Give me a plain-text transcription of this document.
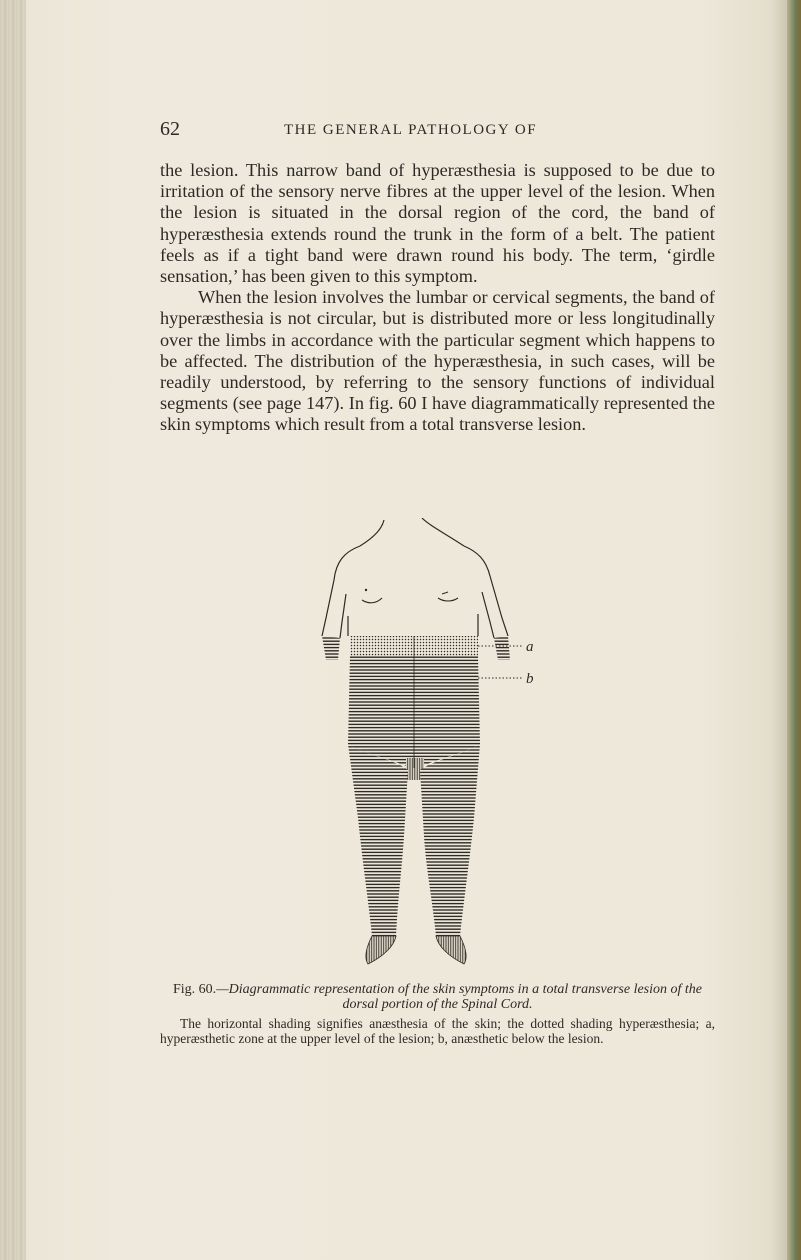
62	THE GENERAL PATHOLOGY OF

the lesion. This narrow band of hyperæsthesia is supposed to be due to irritation of the sensory nerve fibres at the upper level of the lesion. When the lesion is situated in the dorsal region of the cord, the band of hyperæsthesia extends round the trunk in the form of a belt. The patient feels as if a tight band were drawn round his body. The term, ‘girdle sensation,’ has been given to this symptom.

When the lesion involves the lumbar or cervical segments, the band of hyperæsthesia is not circular, but is distributed more or less longitudinally over the limbs in accordance with the particular segment which happens to be affected. The distribution of the hyperæsthesia, in such cases, will be readily understood, by referring to the sensory functions of individual segments (see page 147). In fig. 60 I have diagrammatically represented the skin symptoms which result from a total transverse lesion.

a
b

Fig. 60.—Diagrammatic representation of the skin symptoms in a total transverse lesion of the dorsal portion of the Spinal Cord.

The horizontal shading signifies anæsthesia of the skin; the dotted shading hyperæsthesia; a, hyperæsthetic zone at the upper level of the lesion; b, anæsthetic below the lesion.
